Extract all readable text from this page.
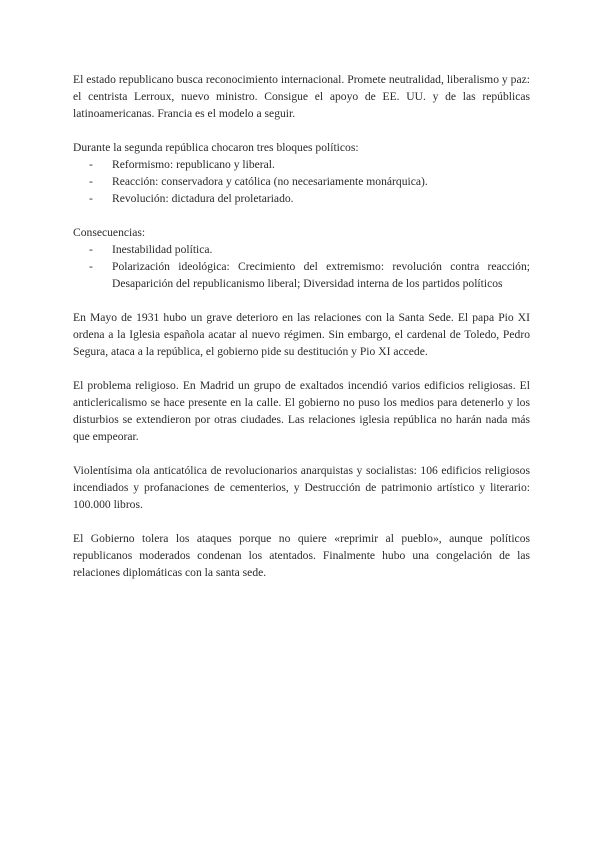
El estado republicano busca reconocimiento internacional. Promete neutralidad, liberalismo y paz: el centrista Lerroux, nuevo ministro. Consigue el apoyo de EE. UU. y de las repúblicas latinoamericanas. Francia es el modelo a seguir.

Durante la segunda república chocaron tres bloques políticos:

- Reformismo: republicano y liberal.
- Reacción: conservadora y católica (no necesariamente monárquica).
- Revolución: dictadura del proletariado.

Consecuencias:

- Inestabilidad política.
- Polarización ideológica: Crecimiento del extremismo: revolución contra reacción; Desaparición del republicanismo liberal; Diversidad interna de los partidos políticos

En Mayo de 1931 hubo un grave deterioro en las relaciones con la Santa Sede. El papa Pio XI ordena a la Iglesia española acatar al nuevo régimen. Sin embargo, el cardenal de Toledo, Pedro Segura, ataca a la república, el gobierno pide su destitución y Pio XI accede.

El problema religioso. En Madrid un grupo de exaltados incendió varios edificios religiosas. El anticlericalismo se hace presente en la calle. El gobierno no puso los medios para detenerlo y los disturbios se extendieron por otras ciudades. Las relaciones iglesia república no harán nada más que empeorar.

Violentísima ola anticatólica de revolucionarios anarquistas y socialistas: 106 edificios religiosos incendiados y profanaciones de cementerios, y Destrucción de patrimonio artístico y literario: 100.000 libros.

El Gobierno tolera los ataques porque no quiere «reprimir al pueblo», aunque políticos republicanos moderados condenan los atentados. Finalmente hubo una congelación de las relaciones diplomáticas con la santa sede.
